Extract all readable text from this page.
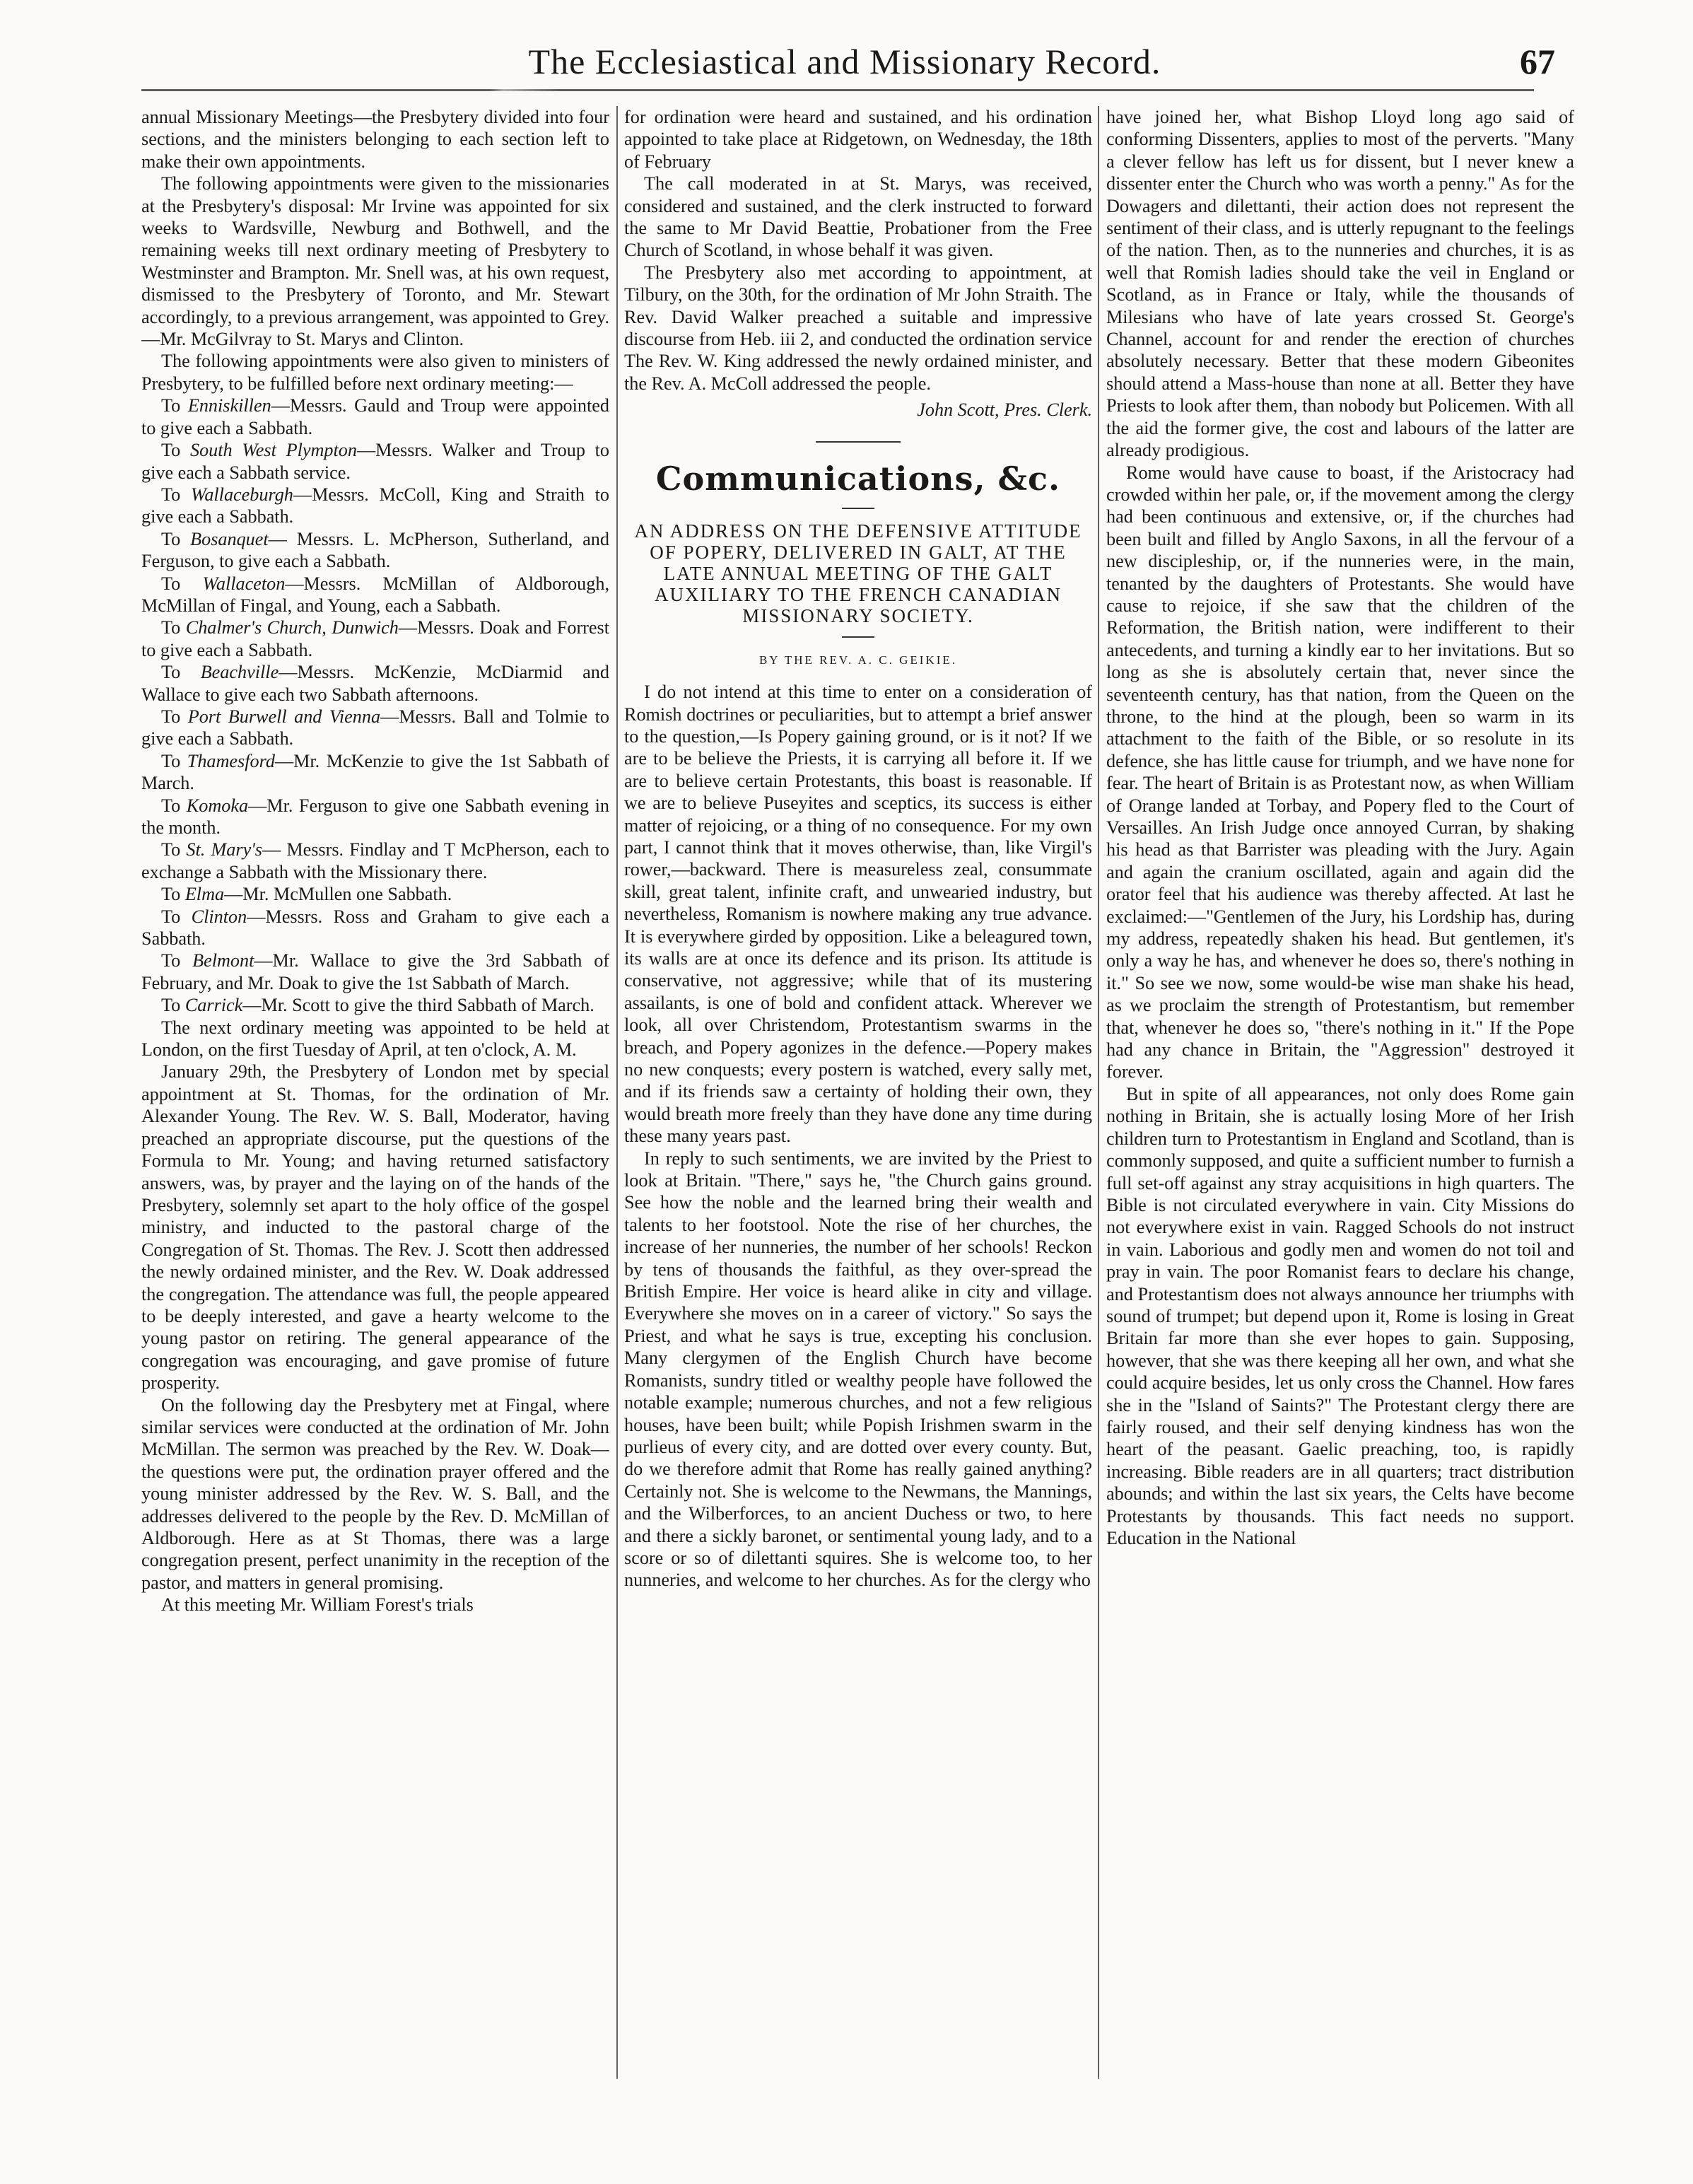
The Ecclesiastical and Missionary Record.	67

annual Missionary Meetings—the Presbytery divided into four sections, and the ministers belonging to each section left to make their own appointments.

The following appointments were given to the missionaries at the Presbytery's disposal: Mr Irvine was appointed for six weeks to Wardsville, Newburg and Bothwell, and the remaining weeks till next ordinary meeting of Presbytery to Westminster and Brampton. Mr. Snell was, at his own request, dismissed to the Presbytery of Toronto, and Mr. Stewart accordingly, to a previous arrangement, was appointed to Grey.—Mr. McGilvray to St. Marys and Clinton.

The following appointments were also given to ministers of Presbytery, to be fulfilled before next ordinary meeting:—

To Enniskillen—Messrs. Gauld and Troup were appointed to give each a Sabbath.

To South West Plympton—Messrs. Walker and Troup to give each a Sabbath service.

To Wallaceburgh—Messrs. McColl, King and Straith to give each a Sabbath.

To Bosanquet— Messrs. L. McPherson, Sutherland, and Ferguson, to give each a Sabbath.

To Wallaceton—Messrs. McMillan of Aldborough, McMillan of Fingal, and Young, each a Sabbath.

To Chalmer's Church, Dunwich—Messrs. Doak and Forrest to give each a Sabbath.

To Beachville—Messrs. McKenzie, McDiarmid and Wallace to give each two Sabbath afternoons.

To Port Burwell and Vienna—Messrs. Ball and Tolmie to give each a Sabbath.

To Thamesford—Mr. McKenzie to give the 1st Sabbath of March.

To Komoka—Mr. Ferguson to give one Sabbath evening in the month.

To St. Mary's— Messrs. Findlay and T McPherson, each to exchange a Sabbath with the Missionary there.

To Elma—Mr. McMullen one Sabbath.

To Clinton—Messrs. Ross and Graham to give each a Sabbath.

To Belmont—Mr. Wallace to give the 3rd Sabbath of February, and Mr. Doak to give the 1st Sabbath of March.

To Carrick—Mr. Scott to give the third Sabbath of March.

The next ordinary meeting was appointed to be held at London, on the first Tuesday of April, at ten o'clock, A. M.

January 29th, the Presbytery of London met by special appointment at St. Thomas, for the ordination of Mr. Alexander Young. The Rev. W. S. Ball, Moderator, having preached an appropriate discourse, put the questions of the Formula to Mr. Young; and having returned satisfactory answers, was, by prayer and the laying on of the hands of the Presbytery, solemnly set apart to the holy office of the gospel ministry, and inducted to the pastoral charge of the Congregation of St. Thomas. The Rev. J. Scott then addressed the newly ordained minister, and the Rev. W. Doak addressed the congregation. The attendance was full, the people appeared to be deeply interested, and gave a hearty welcome to the young pastor on retiring. The general appearance of the congregation was encouraging, and gave promise of future prosperity.

On the following day the Presbytery met at Fingal, where similar services were conducted at the ordination of Mr. John McMillan. The sermon was preached by the Rev. W. Doak—the questions were put, the ordination prayer offered and the young minister addressed by the Rev. W. S. Ball, and the addresses delivered to the people by the Rev. D. McMillan of Aldborough. Here as at St Thomas, there was a large congregation present, perfect unanimity in the reception of the pastor, and matters in general promising.

At this meeting Mr. William Forest's trials

for ordination were heard and sustained, and his ordination appointed to take place at Ridgetown, on Wednesday, the 18th of February

The call moderated in at St. Marys, was received, considered and sustained, and the clerk instructed to forward the same to Mr David Beattie, Probationer from the Free Church of Scotland, in whose behalf it was given.

The Presbytery also met according to appointment, at Tilbury, on the 30th, for the ordination of Mr John Straith. The Rev. David Walker preached a suitable and impressive discourse from Heb. iii 2, and conducted the ordination service The Rev. W. King addressed the newly ordained minister, and the Rev. A. McColl addressed the people.

John Scott, Pres. Clerk.

Communications, &c.

AN ADDRESS ON THE DEFENSIVE ATTITUDE OF POPERY, DELIVERED IN GALT, AT THE LATE ANNUAL MEETING OF THE GALT AUXILIARY TO THE FRENCH CANADIAN MISSIONARY SOCIETY.

BY THE REV. A. C. GEIKIE.

I do not intend at this time to enter on a consideration of Romish doctrines or peculiarities, but to attempt a brief answer to the question,—Is Popery gaining ground, or is it not? If we are to be believe the Priests, it is carrying all before it. If we are to believe certain Protestants, this boast is reasonable. If we are to believe Puseyites and sceptics, its success is either matter of rejoicing, or a thing of no consequence. For my own part, I cannot think that it moves otherwise, than, like Virgil's rower,—backward. There is measureless zeal, consummate skill, great talent, infinite craft, and unwearied industry, but nevertheless, Romanism is nowhere making any true advance. It is everywhere girded by opposition. Like a beleagured town, its walls are at once its defence and its prison. Its attitude is conservative, not aggressive; while that of its mustering assailants, is one of bold and confident attack. Wherever we look, all over Christendom, Protestantism swarms in the breach, and Popery agonizes in the defence.—Popery makes no new conquests; every postern is watched, every sally met, and if its friends saw a certainty of holding their own, they would breath more freely than they have done any time during these many years past.

In reply to such sentiments, we are invited by the Priest to look at Britain. "There," says he, "the Church gains ground. See how the noble and the learned bring their wealth and talents to her footstool. Note the rise of her churches, the increase of her nunneries, the number of her schools! Reckon by tens of thousands the faithful, as they over-spread the British Empire. Her voice is heard alike in city and village. Everywhere she moves on in a career of victory." So says the Priest, and what he says is true, excepting his conclusion. Many clergymen of the English Church have become Romanists, sundry titled or wealthy people have followed the notable example; numerous churches, and not a few religious houses, have been built; while Popish Irishmen swarm in the purlieus of every city, and are dotted over every county. But, do we therefore admit that Rome has really gained anything? Certainly not. She is welcome to the Newmans, the Mannings, and the Wilberforces, to an ancient Duchess or two, to here and there a sickly baronet, or sentimental young lady, and to a score or so of dilettanti squires. She is welcome too, to her nunneries, and welcome to her churches. As for the clergy who

have joined her, what Bishop Lloyd long ago said of conforming Dissenters, applies to most of the perverts. "Many a clever fellow has left us for dissent, but I never knew a dissenter enter the Church who was worth a penny." As for the Dowagers and dilettanti, their action does not represent the sentiment of their class, and is utterly repugnant to the feelings of the nation. Then, as to the nunneries and churches, it is as well that Romish ladies should take the veil in England or Scotland, as in France or Italy, while the thousands of Milesians who have of late years crossed St. George's Channel, account for and render the erection of churches absolutely necessary. Better that these modern Gibeonites should attend a Mass-house than none at all. Better they have Priests to look after them, than nobody but Policemen. With all the aid the former give, the cost and labours of the latter are already prodigious.

Rome would have cause to boast, if the Aristocracy had crowded within her pale, or, if the movement among the clergy had been continuous and extensive, or, if the churches had been built and filled by Anglo Saxons, in all the fervour of a new discipleship, or, if the nunneries were, in the main, tenanted by the daughters of Protestants. She would have cause to rejoice, if she saw that the children of the Reformation, the British nation, were indifferent to their antecedents, and turning a kindly ear to her invitations. But so long as she is absolutely certain that, never since the seventeenth century, has that nation, from the Queen on the throne, to the hind at the plough, been so warm in its attachment to the faith of the Bible, or so resolute in its defence, she has little cause for triumph, and we have none for fear. The heart of Britain is as Protestant now, as when William of Orange landed at Torbay, and Popery fled to the Court of Versailles. An Irish Judge once annoyed Curran, by shaking his head as that Barrister was pleading with the Jury. Again and again the cranium oscillated, again and again did the orator feel that his audience was thereby affected. At last he exclaimed:—"Gentlemen of the Jury, his Lordship has, during my address, repeatedly shaken his head. But gentlemen, it's only a way he has, and whenever he does so, there's nothing in it." So see we now, some would-be wise man shake his head, as we proclaim the strength of Protestantism, but remember that, whenever he does so, "there's nothing in it." If the Pope had any chance in Britain, the "Aggression" destroyed it forever.

But in spite of all appearances, not only does Rome gain nothing in Britain, she is actually losing More of her Irish children turn to Protestantism in England and Scotland, than is commonly supposed, and quite a sufficient number to furnish a full set-off against any stray acquisitions in high quarters. The Bible is not circulated everywhere in vain. City Missions do not everywhere exist in vain. Ragged Schools do not instruct in vain. Laborious and godly men and women do not toil and pray in vain. The poor Romanist fears to declare his change, and Protestantism does not always announce her triumphs with sound of trumpet; but depend upon it, Rome is losing in Great Britain far more than she ever hopes to gain. Supposing, however, that she was there keeping all her own, and what she could acquire besides, let us only cross the Channel. How fares she in the "Island of Saints?" The Protestant clergy there are fairly roused, and their self denying kindness has won the heart of the peasant. Gaelic preaching, too, is rapidly increasing. Bible readers are in all quarters; tract distribution abounds; and within the last six years, the Celts have become Protestants by thousands. This fact needs no support. Education in the National
